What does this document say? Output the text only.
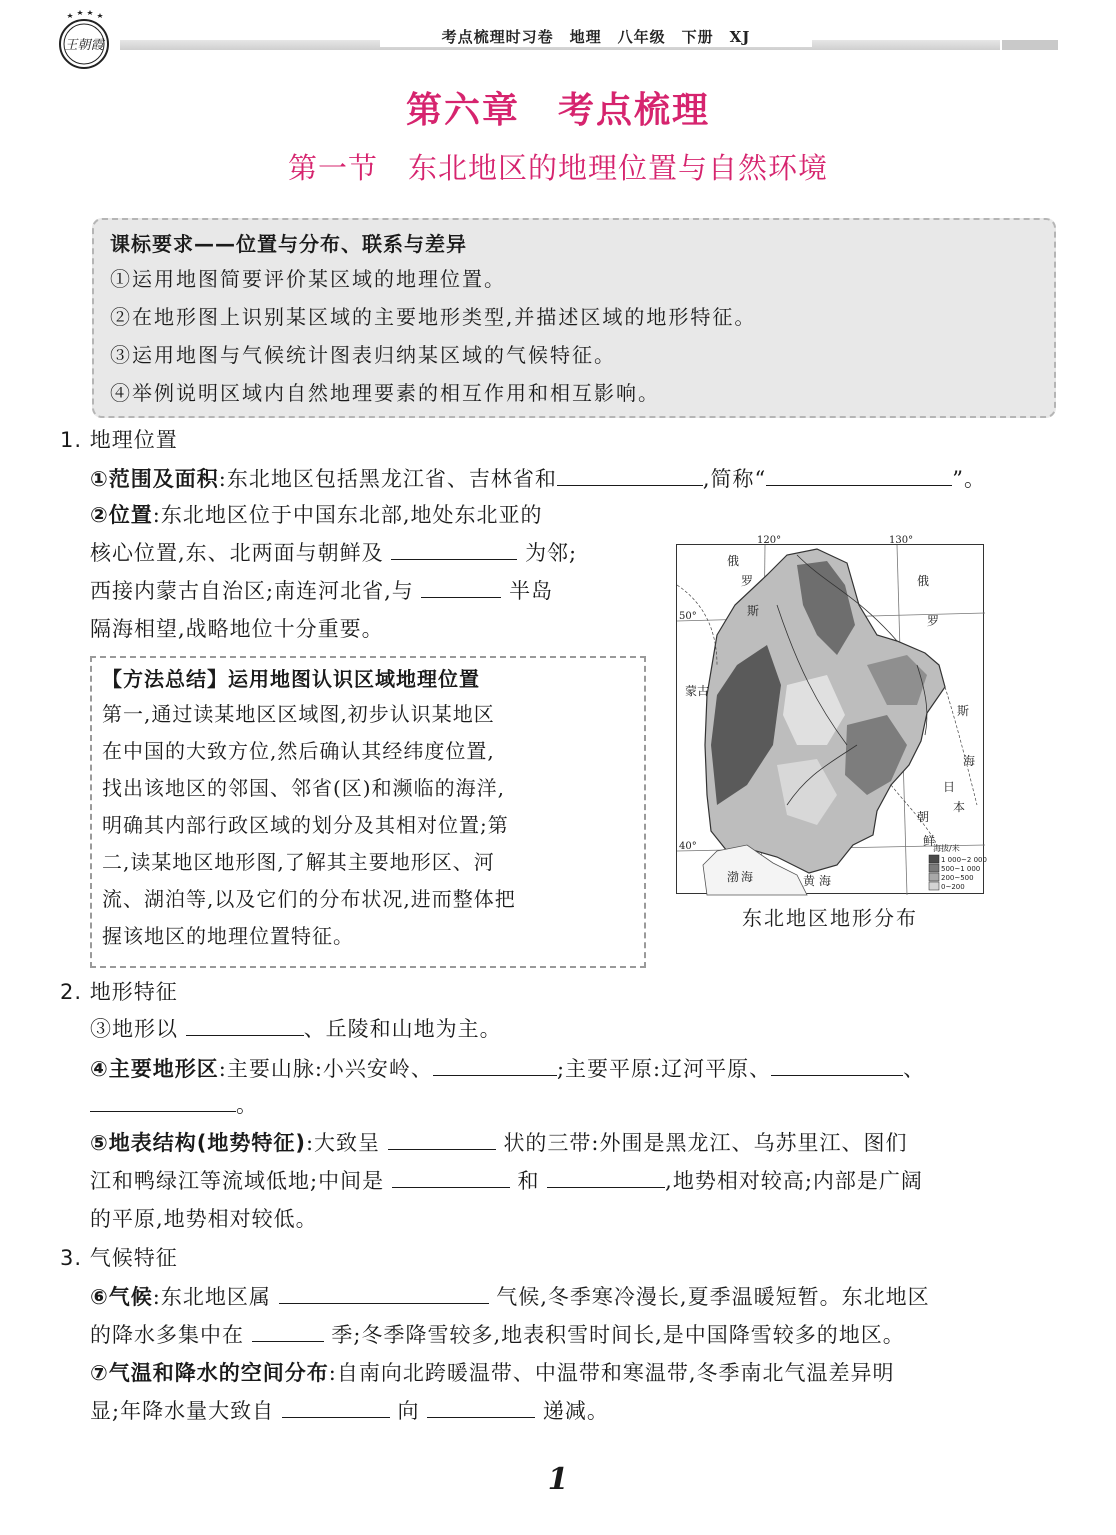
王朝霞	考点梳理时习卷　地理　八年级　下册　XJ
第六章　考点梳理
第一节　东北地区的地理位置与自然环境
课标要求——位置与分布、联系与差异
①运用地图简要评价某区域的地理位置。
②在地形图上识别某区域的主要地形类型,并描述区域的地形特征。
③运用地图与气候统计图表归纳某区域的气候特征。
④举例说明区域内自然地理要素的相互作用和相互影响。
1. 地理位置
①范围及面积:东北地区包括黑龙江省、吉林省和	,简称“	”。
②位置:东北地区位于中国东北部,地处东北亚的
核心位置,东、北两面与朝鲜及	为邻;
西接内蒙古自治区;南连河北省,与	半岛
隔海相望,战略地位十分重要。
【方法总结】运用地图认识区域地理位置
第一,通过读某地区区域图,初步认识某地区
在中国的大致方位,然后确认其经纬度位置,
找出该地区的邻国、邻省(区)和濒临的海洋,
明确其内部行政区域的划分及其相对位置;第
二,读某地区地形图,了解其主要地形区、河
流、湖泊等,以及它们的分布状况,进而整体把
握该地区的地理位置特征。
120°	130°
50°
40°
俄
罗
斯
俄
罗
斯
蒙古
朝
鲜
日
本
海
渤 海	黄 海
海拔/米
1 000~2 000
500~1 000
200~500
0~200
东北地区地形分布
2. 地形特征
③地形以	、丘陵和山地为主。
④主要地形区:主要山脉:小兴安岭、	;主要平原:辽河平原、	、
。
⑤地表结构(地势特征):大致呈	状的三带:外围是黑龙江、乌苏里江、图们
江和鸭绿江等流域低地;中间是	和	,地势相对较高;内部是广阔
的平原,地势相对较低。
3. 气候特征
⑥气候:东北地区属	气候,冬季寒冷漫长,夏季温暖短暂。东北地区
的降水多集中在	季;冬季降雪较多,地表积雪时间长,是中国降雪较多的地区。
⑦气温和降水的空间分布:自南向北跨暖温带、中温带和寒温带,冬季南北气温差异明
显;年降水量大致自	向	递减。
1
